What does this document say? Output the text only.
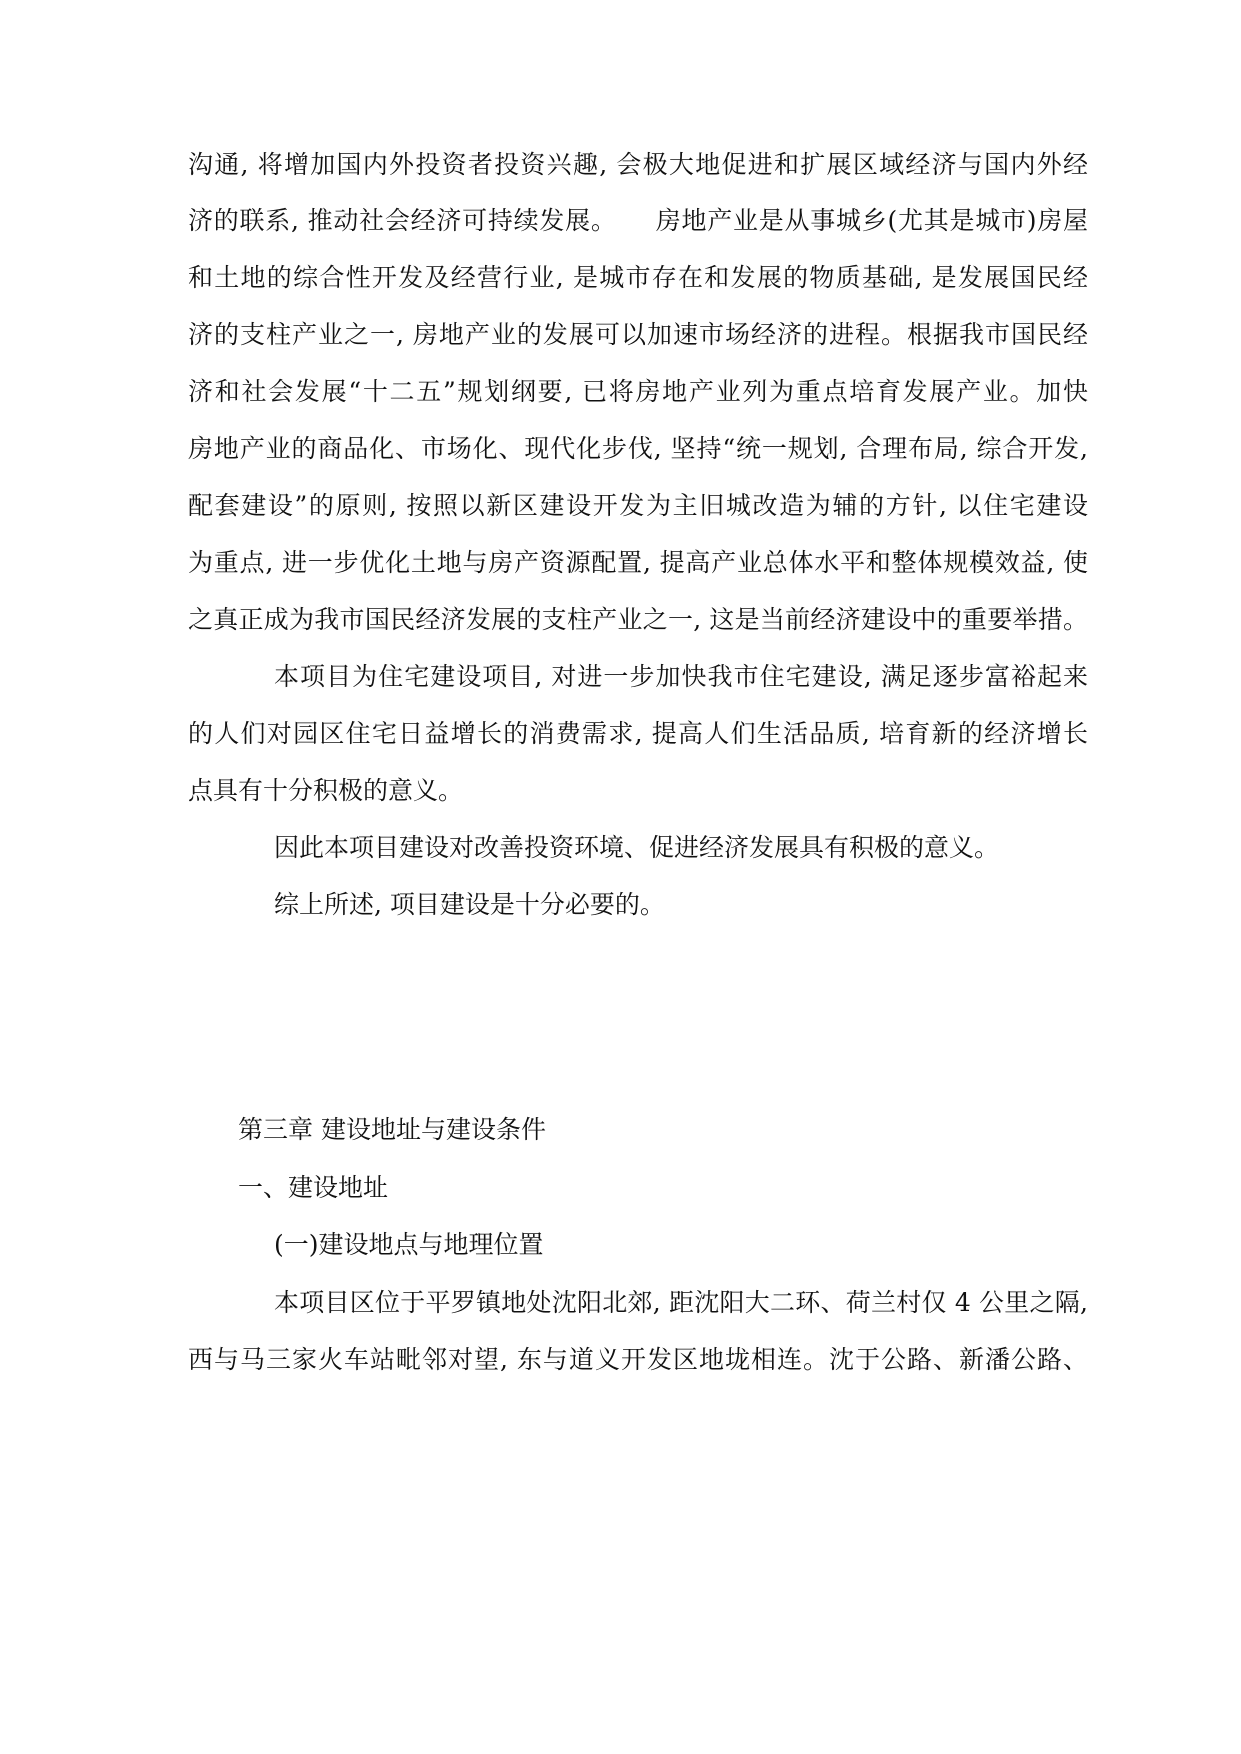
沟通, 将增加国内外投资者投资兴趣, 会极大地促进和扩展区域经济与国内外经

济的联系, 推动社会经济可持续发展。　　房地产业是从事城乡(尤其是城市)房屋

和土地的综合性开发及经营行业, 是城市存在和发展的物质基础, 是发展国民经

济的支柱产业之一, 房地产业的发展可以加速市场经济的进程。根据我市国民经

济和社会发展“十二五”规划纲要, 已将房地产业列为重点培育发展产业。加快

房地产业的商品化、市场化、现代化步伐, 坚持“统一规划, 合理布局, 综合开发,

配套建设”的原则, 按照以新区建设开发为主旧城改造为辅的方针, 以住宅建设

为重点, 进一步优化土地与房产资源配置, 提高产业总体水平和整体规模效益, 使

之真正成为我市国民经济发展的支柱产业之一, 这是当前经济建设中的重要举措。

本项目为住宅建设项目, 对进一步加快我市住宅建设, 满足逐步富裕起来

的人们对园区住宅日益增长的消费需求, 提高人们生活品质, 培育新的经济增长

点具有十分积极的意义。

因此本项目建设对改善投资环境、促进经济发展具有积极的意义。

综上所述, 项目建设是十分必要的。

第三章 建设地址与建设条件

一、建设地址

(一)建设地点与地理位置

本项目区位于平罗镇地处沈阳北郊, 距沈阳大二环、荷兰村仅 4 公里之隔,

西与马三家火车站毗邻对望, 东与道义开发区地垅相连。沈于公路、新潘公路、
